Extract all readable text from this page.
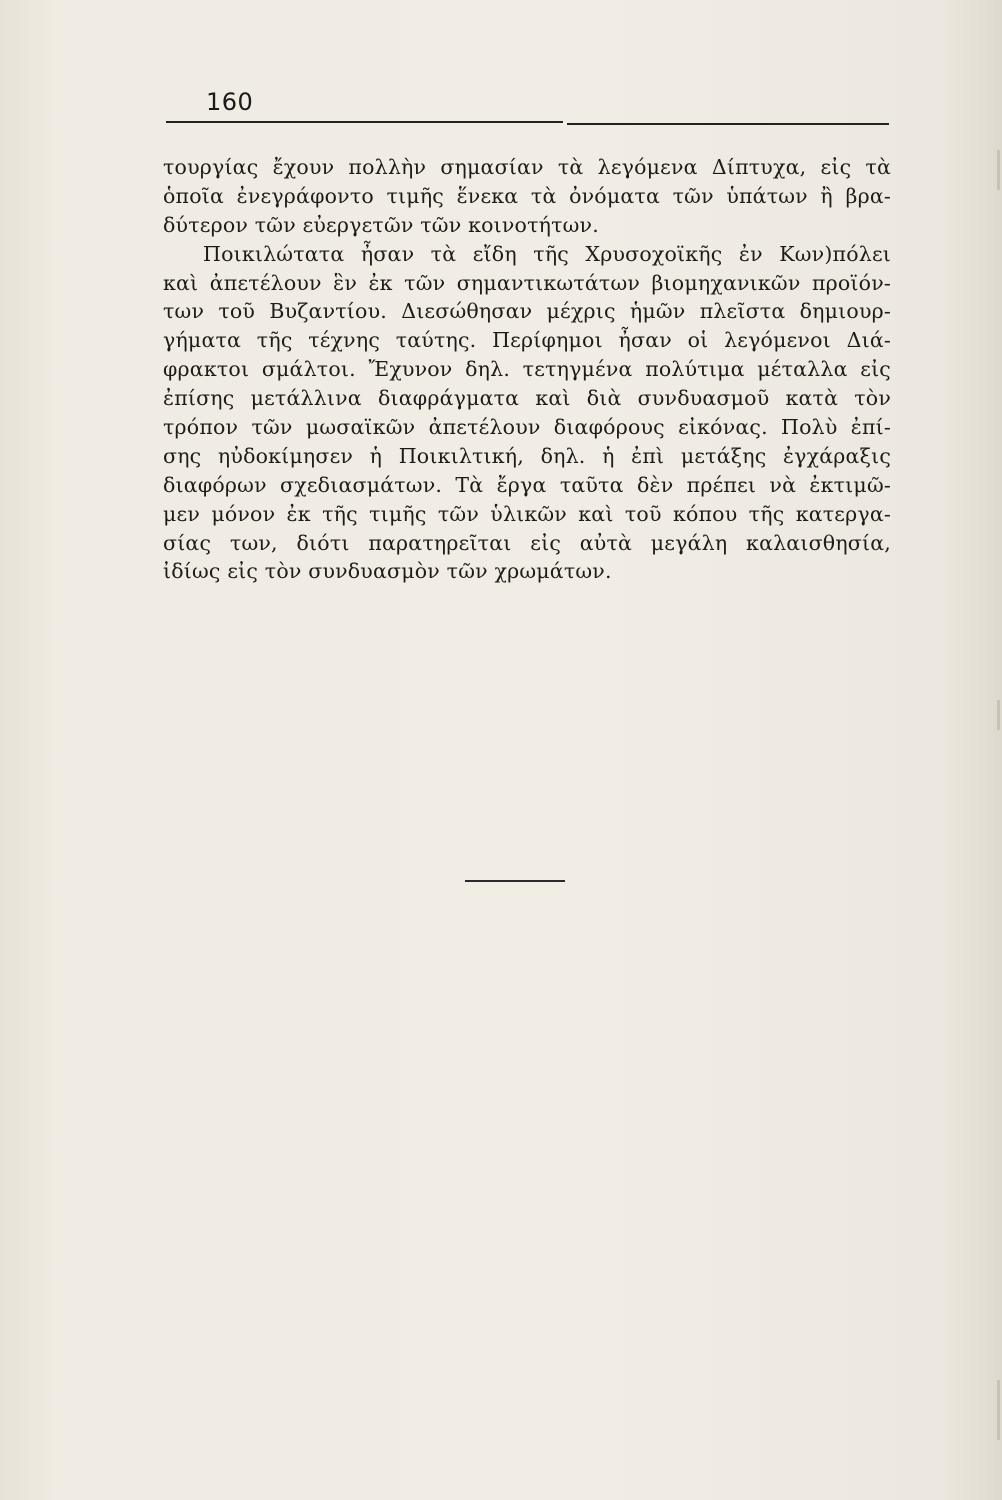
160
τουργίας ἔχουν πολλὴν σημασίαν τὰ λεγόμενα Δίπτυχα, εἰς τὰ
ὁποῖα ἐνεγράφοντο τιμῆς ἕνεκα τὰ ὀνόματα τῶν ὑπάτων ἢ βρα-
δύτερον τῶν εὐεργετῶν τῶν κοινοτήτων.
Ποικιλώτατα ἦσαν τὰ εἴδη τῆς Χρυσοχοϊκῆς ἐν Κων)πόλει
καὶ ἀπετέλουν ἓν ἐκ τῶν σημαντικωτάτων βιομηχανικῶν προϊόν-
των τοῦ Βυζαντίου. Διεσώθησαν μέχρις ἡμῶν πλεῖστα δημιουρ-
γήματα τῆς τέχνης ταύτης. Περίφημοι ἦσαν οἱ λεγόμενοι Διά-
φρακτοι σμάλτοι. Ἔχυνον δηλ. τετηγμένα πολύτιμα μέταλλα εἰς
ἐπίσης μετάλλινα διαφράγματα καὶ διὰ συνδυασμοῦ κατὰ τὸν
τρόπον τῶν μωσαϊκῶν ἀπετέλουν διαφόρους εἰκόνας. Πολὺ ἐπί-
σης ηὐδοκίμησεν ἡ Ποικιλτική, δηλ. ἡ ἐπὶ μετάξης ἐγχάραξις
διαφόρων σχεδιασμάτων. Τὰ ἔργα ταῦτα δὲν πρέπει νὰ ἐκτιμῶ-
μεν μόνον ἐκ τῆς τιμῆς τῶν ὑλικῶν καὶ τοῦ κόπου τῆς κατεργα-
σίας των, διότι παρατηρεῖται εἰς αὐτὰ μεγάλη καλαισθησία,
ἰδίως εἰς τὸν συνδυασμὸν τῶν χρωμάτων.
